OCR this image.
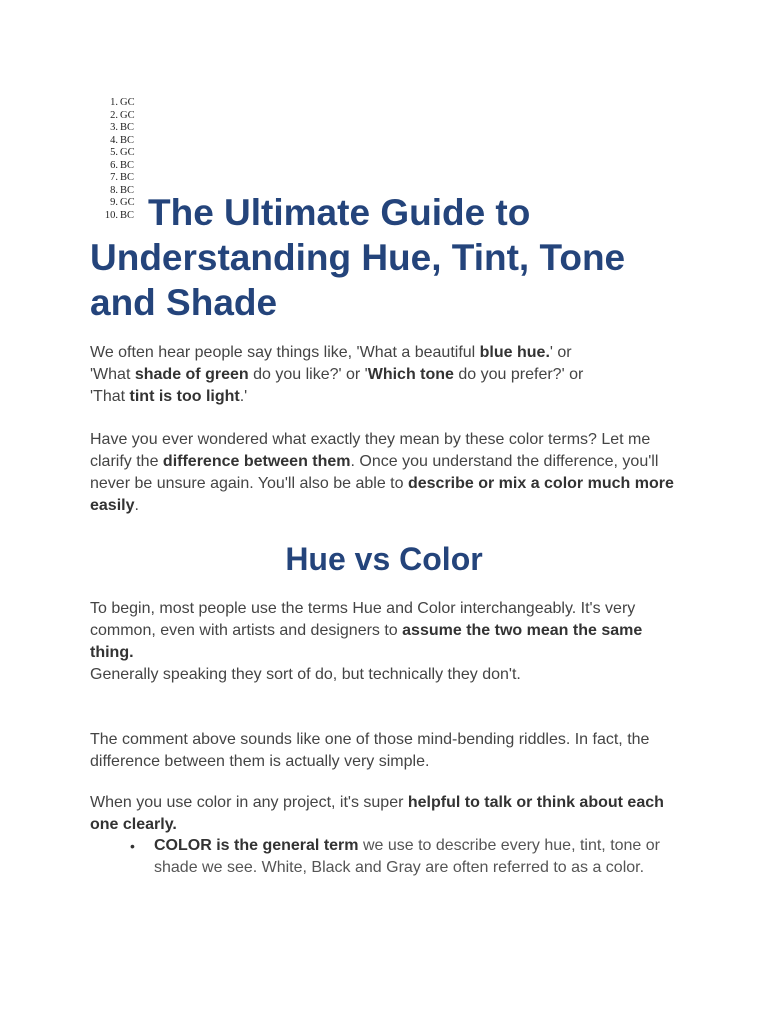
1. GC
2. GC
3. BC
4. BC
5. GC
6. BC
7. BC
8. BC
9. GC
10. BC The Ultimate Guide to
Understanding Hue, Tint, Tone
and Shade

We often hear people say things like, 'What a beautiful blue hue.' or
'What shade of green do you like?' or 'Which tone do you prefer?' or
'That tint is too light.'

Have you ever wondered what exactly they mean by these color terms? Let me clarify the difference between them. Once you understand the difference, you'll never be unsure again. You'll also be able to describe or mix a color much more easily.

Hue vs Color

To begin, most people use the terms Hue and Color interchangeably. It's very common, even with artists and designers to assume the two mean the same thing.
Generally speaking they sort of do, but technically they don't.

The comment above sounds like one of those mind-bending riddles. In fact, the difference between them is actually very simple.

When you use color in any project, it's super helpful to talk or think about each one clearly.

• COLOR is the general term we use to describe every hue, tint, tone or shade we see. White, Black and Gray are often referred to as a color.
